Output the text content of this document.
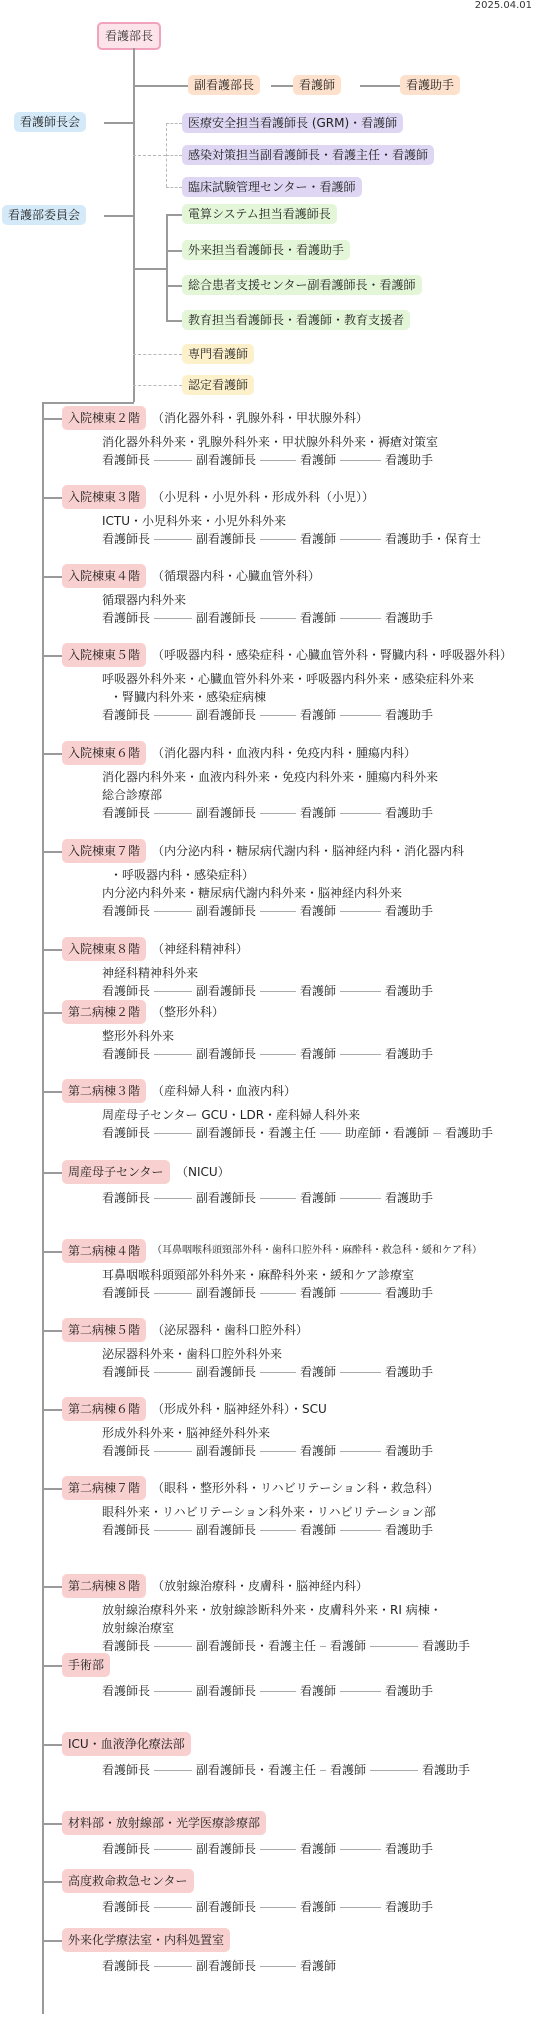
2025.04.01
看護部長
看護師長会
看護部委員会
副看護部長	看護師	看護助手
医療安全担当看護師長 (GRM)・看護師
感染対策担当副看護師長・看護主任・看護師
臨床試験管理センター・看護師
電算システム担当看護師長
外来担当看護師長・看護助手
総合患者支援センター副看護師長・看護師
教育担当看護師長・看護師・教育支援者
専門看護師
認定看護師
入院棟東２階 （消化器外科・乳腺外科・甲状腺外科）
消化器外科外来・乳腺外科外来・甲状腺外科外来・褥瘡対策室
看護師長	副看護師長	看護師	看護助手
入院棟東３階 （小児科・小児外科・形成外科（小児））
ICTU・小児科外来・小児外科外来
看護師長	副看護師長	看護師	看護助手・保育士
入院棟東４階 （循環器内科・心臓血管外科）
循環器内科外来
看護師長	副看護師長	看護師	看護助手
入院棟東５階 （呼吸器内科・感染症科・心臓血管外科・腎臓内科・呼吸器外科）
呼吸器外科外来・心臓血管外科外来・呼吸器内科外来・感染症科外来
・腎臓内科外来・感染症病棟
看護師長	副看護師長	看護師	看護助手
入院棟東６階 （消化器内科・血液内科・免疫内科・腫瘍内科）
消化器内科外来・血液内科外来・免疫内科外来・腫瘍内科外来
総合診療部
看護師長	副看護師長	看護師	看護助手
入院棟東７階 （内分泌内科・糖尿病代謝内科・脳神経内科・消化器内科
・呼吸器内科・感染症科）
内分泌内科外来・糖尿病代謝内科外来・脳神経内科外来
看護師長	副看護師長	看護師	看護助手
入院棟東８階 （神経科精神科）
神経科精神科外来
看護師長	副看護師長	看護師	看護助手
第二病棟２階 （整形外科）
整形外科外来
看護師長	副看護師長	看護師	看護助手
第二病棟３階 （産科婦人科・血液内科）
周産母子センター GCU・LDR・産科婦人科外来
看護師長	副看護師長・看護主任 助産師・看護師 看護助手
周産母子センター	（NICU）
看護師長	副看護師長	看護師	看護助手
第二病棟４階	（耳鼻咽喉科頭頸部外科・歯科口腔外科・麻酔科・救急科・緩和ケア科）
耳鼻咽喉科頭頸部外科外来・麻酔科外来・緩和ケア診療室
看護師長	副看護師長	看護師	看護助手
第二病棟５階 （泌尿器科・歯科口腔外科）
泌尿器科外来・歯科口腔外科外来
看護師長	副看護師長	看護師	看護助手
第二病棟６階 （形成外科・脳神経外科）・SCU
形成外科外来・脳神経外科外来
看護師長	副看護師長	看護師	看護助手
第二病棟７階 （眼科・整形外科・リハビリテーション科・救急科）
眼科外来・リハビリテーション科外来・リハビリテーション部
看護師長	副看護師長	看護師	看護助手
第二病棟８階 （放射線治療科・皮膚科・脳神経内科）
放射線治療科外来・放射線診断科外来・皮膚科外来・RI 病棟・
放射線治療室
看護師長	副看護師長・看護主任 看護師	看護助手
手術部
看護師長	副看護師長	看護師	看護助手
ICU・血液浄化療法部
看護師長	副看護師長・看護主任 看護師	看護助手
材料部・放射線部・光学医療診療部
看護師長	副看護師長	看護師	看護助手
高度救命救急センター
看護師長	副看護師長	看護師	看護助手
外来化学療法室・内科処置室
看護師長	副看護師長	看護師
